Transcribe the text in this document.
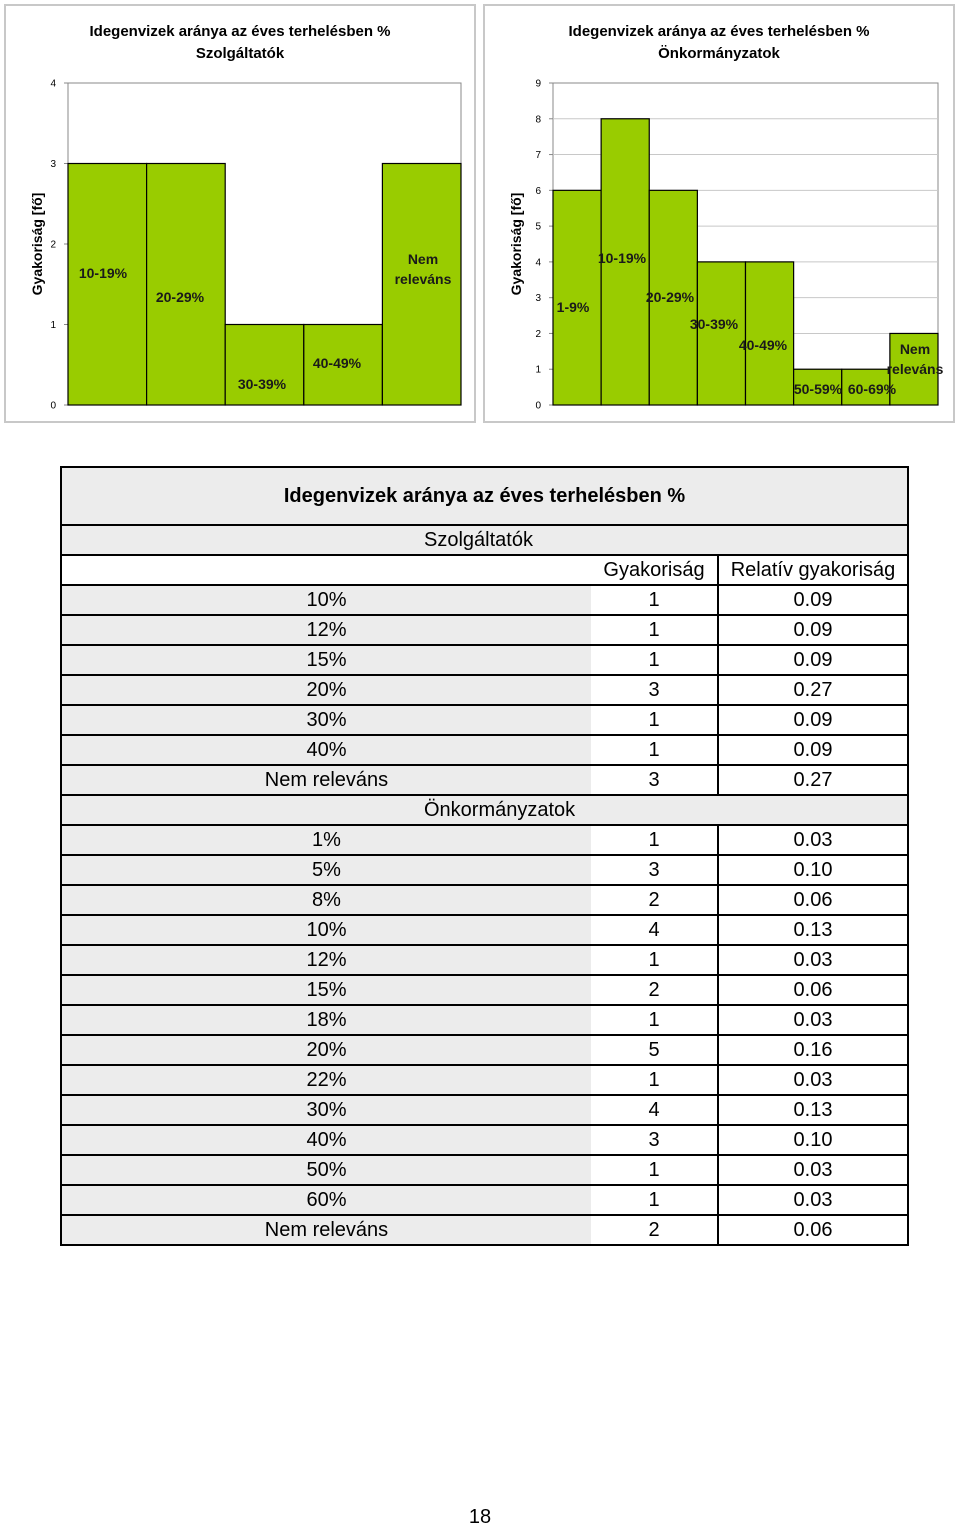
Idegenvizek aránya az éves terhelésben %
Szolgáltatók
Gyakoriság [fő]
0
1
2
3
4
10-19%
20-29%
30-39%
40-49%
Nem
releváns
Idegenvizek aránya az éves terhelésben %
Önkormányzatok
Gyakoriság [fő]
0
1
2
3
4
5
6
7
8
9
1-9%
10-19%
20-29%
30-39%
40-49%
50-59% 60-69%
Nem
releváns
Idegenvizek aránya az éves terhelésben %		
Szolgáltatók		
	Gyakoriság	Relatív gyakoriság
10%	1	0.09
12%	1	0.09
15%	1	0.09
20%	3	0.27
30%	1	0.09
40%	1	0.09
Nem releváns	3	0.27
Önkormányzatok		
1%	1	0.03
5%	3	0.10
8%	2	0.06
10%	4	0.13
12%	1	0.03
15%	2	0.06
18%	1	0.03
20%	5	0.16
22%	1	0.03
30%	4	0.13
40%	3	0.10
50%	1	0.03
60%	1	0.03
Nem releváns	2	0.06
18
